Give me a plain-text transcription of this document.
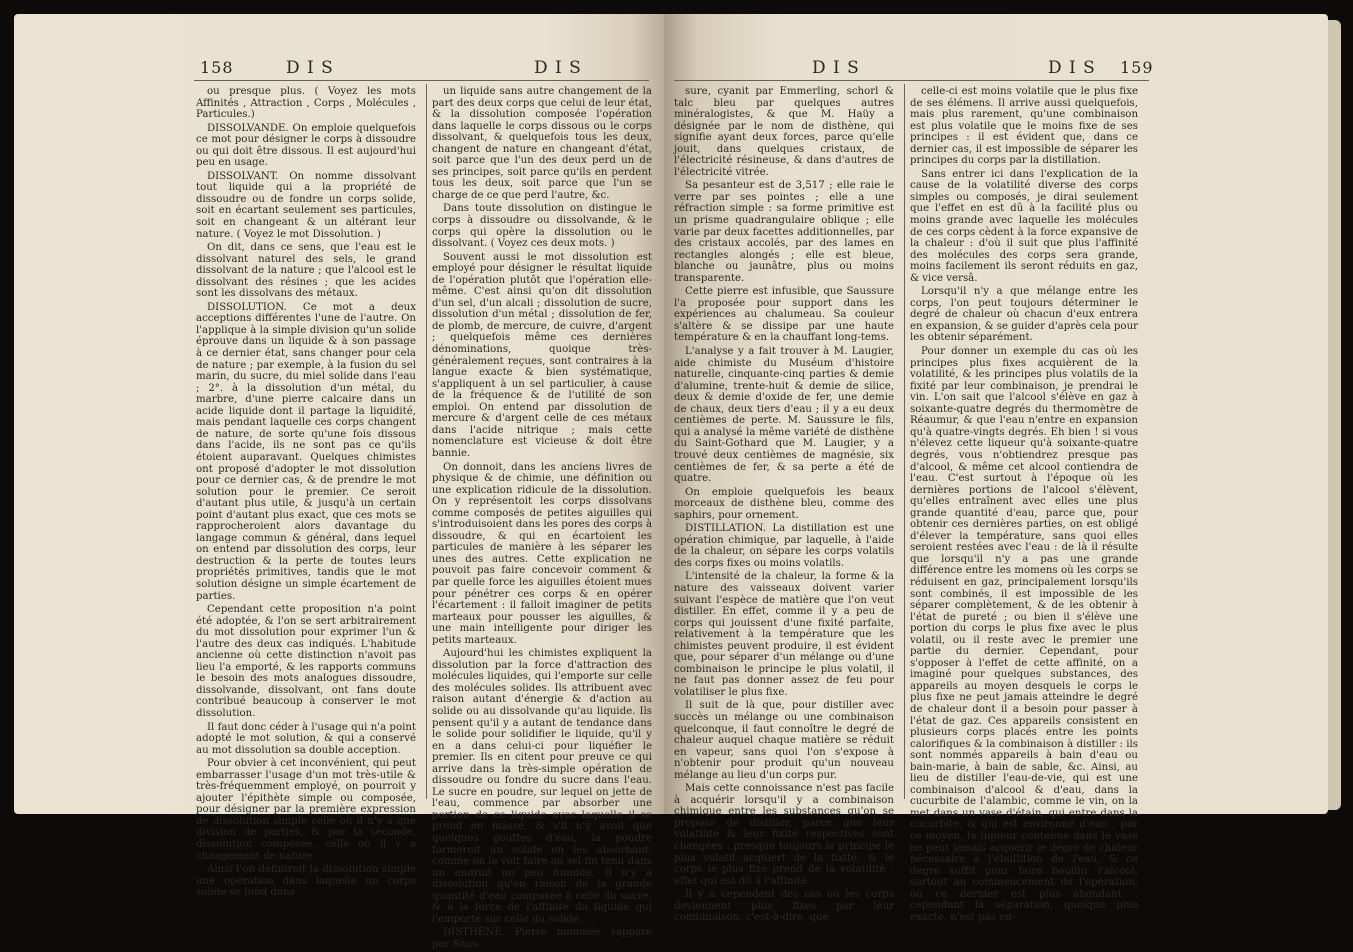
158	D I S	D I S

ou presque plus. ( Voyez les mots Affinités , Attraction , Corps , Molécules , Particules.)

DISSOLVANDE. On emploie quelquefois ce mot pour désigner le corps à dissoudre ou qui doit être dissous. Il est aujourd'hui peu en usage.

DISSOLVANT. On nomme dissolvant tout liquide qui a la propriété de dissoudre ou de fondre un corps solide, soit en écartant seulement ses particules, soit en changeant & un altérant leur nature. ( Voyez le mot Dissolution. )

On dit, dans ce sens, que l'eau est le dissolvant naturel des sels, le grand dissolvant de la nature ; que l'alcool est le dissolvant des résines ; que les acides sont les dissolvans des métaux.

DISSOLUTION. Ce mot a deux acceptions différentes l'une de l'autre. On l'applique à la simple division qu'un solide éprouve dans un liquide & à son passage à ce dernier état, sans changer pour cela de nature ; par exemple, à la fusion du sel marin, du sucre, du miel solide dans l'eau ; 2°. à la dissolution d'un métal, du marbre, d'une pierre calcaire dans un acide liquide dont il partage la liquidité, mais pendant laquelle ces corps changent de nature, de sorte qu'une fois dissous dans l'acide, ils ne sont pas ce qu'ils étoient auparavant. Quelques chimistes ont proposé d'adopter le mot dissolution pour ce dernier cas, & de prendre le mot solution pour le premier. Ce seroit d'autant plus utile, & jusqu'à un certain point d'autant plus exact, que ces mots se rapprocheroient alors davantage du langage commun & général, dans lequel on entend par dissolution des corps, leur destruction & la perte de toutes leurs propriétés primitives, tandis que le mot solution désigne un simple écartement de parties.

Cependant cette proposition n'a point été adoptée, & l'on se sert arbitrairement du mot dissolution pour exprimer l'un & l'autre des deux cas indiqués. L'habitude ancienne où cette distinction n'avoit pas lieu l'a emporté, & les rapports communs le besoin des mots analogues dissoudre, dissolvande, dissolvant, ont fans doute contribué beaucoup à conserver le mot dissolution.

Il faut donc céder à l'usage qui n'a point adopté le mot solution, & qui a conservé au mot dissolution sa double acception.

Pour obvier à cet inconvénient, qui peut embarrasser l'usage d'un mot très-utile & très-fréquemment employé, on pourroit y ajouter l'épithète simple ou composée, pour désigner par la première expression de dissolution simple celle où il n'y a que division de parties, & par la seconde, dissolution composée, celle où il y a changement de nature.

Ainsi l'on définiroit la dissolution simple une opération dans laquelle un corps solide se fond dans

un liquide sans autre changement de la part des deux corps que celui de leur état, & la dissolution composée l'opération dans laquelle le corps dissous ou le corps dissolvant, & quelquefois tous les deux, changent de nature en changeant d'état, soit parce que l'un des deux perd un de ses principes, soit parce qu'ils en perdent tous les deux, soit parce que l'un se charge de ce que perd l'autre, &c.

Dans toute dissolution on distingue le corps à dissoudre ou dissolvande, & le corps qui opère la dissolution ou le dissolvant. ( Voyez ces deux mots. )

Souvent aussi le mot dissolution est employé pour désigner le résultat liquide de l'opération plutôt que l'opération elle-même. C'est ainsi qu'on dit dissolution d'un sel, d'un alcali ; dissolution de sucre, dissolution d'un métal ; dissolution de fer, de plomb, de mercure, de cuivre, d'argent ; quelquefois même ces dernières dénominations, quoique très-généralement reçues, sont contraires à la langue exacte & bien systématique, s'appliquent à un sel particulier, à cause de la fréquence & de l'utilité de son emploi. On entend par dissolution de mercure & d'argent celle de ces métaux dans l'acide nitrique ; mais cette nomenclature est vicieuse & doit être bannie.

On donnoit, dans les anciens livres de physique & de chimie, une définition ou une explication ridicule de la dissolution. On y représentoit les corps dissolvans comme composés de petites aiguilles qui s'introduisoient dans les pores des corps à dissoudre, & qui en écartoient les particules de manière à les séparer les unes des autres. Cette explication ne pouvoit pas faire concevoir comment & par quelle force les aiguilles étoient mues pour pénétrer ces corps & en opérer l'écartement : il falloit imaginer de petits marteaux pour pousser les aiguilles, & une main intelligente pour diriger les petits marteaux.

Aujourd'hui les chimistes expliquent la dissolution par la force d'attraction des molécules liquides, qui l'emporte sur celle des molécules solides. Ils attribuent avec raison autant d'énergie & d'action au solide ou au dissolvande qu'au liquide. Ils pensent qu'il y a autant de tendance dans le solide pour solidifier le liquide, qu'il y en a dans celui-ci pour liquéfier le premier. Ils en citent pour preuve ce qui arrive dans la très-simple opération de dissoudre ou fondre du sucre dans l'eau. Le sucre en poudre, sur lequel on jette de l'eau, commence par absorber une portion de ce liquide avec laquelle il se prend en masse, & s'il n'y avoit que quelques gouttes d'eau, la poudre formeroit un solide en les absorbant, comme on le voit faire au sel fin tenu dans un endroit un peu humide. Il n'y a dissolution qu'en raison de la grande quantité d'eau comparée à celle du sucre, & à la force de l'affinité du liquide qui l'emporte sur celle du solide.

DISTHÈNE. Pierre nommée sappare par Saus-

D I S	D I S 159

sure, cyanit par Emmerling, schorl & talc bleu par quelques autres minéralogistes, & que M. Haüy a désignée par le nom de disthène, qui signifie ayant deux forces, parce qu'elle jouit, dans quelques cristaux, de l'électricité résineuse, & dans d'autres de l'électricité vitrée.

Sa pesanteur est de 3,517 ; elle raie le verre par ses pointes ; elle a une réfraction simple : sa forme primitive est un prisme quadrangulaire oblique ; elle varie par deux facettes additionnelles, par des cristaux accolés, par des lames en rectangles alongés ; elle est bleue, blanche ou jaunâtre, plus ou moins transparente.

Cette pierre est infusible, que Saussure l'a proposée pour support dans les expériences au chalumeau. Sa couleur s'altère & se dissipe par une haute température & en la chauffant long-tems.

L'analyse y a fait trouver à M. Laugier, aide chimiste du Muséum d'histoire naturelle, cinquante-cinq parties & demie d'alumine, trente-huit & demie de silice, deux & demie d'oxide de fer, une demie de chaux, deux tiers d'eau ; il y a eu deux centièmes de perte. M. Saussure le fils, qui a analysé la même variété de disthène du Saint-Gothard que M. Laugier, y a trouvé deux centièmes de magnésie, six centièmes de fer, & sa perte a été de quatre.

On emploie quelquefois les beaux morceaux de disthène bleu, comme des saphirs, pour ornement.

DISTILLATION. La distillation est une opération chimique, par laquelle, à l'aide de la chaleur, on sépare les corps volatils des corps fixes ou moins volatils.

L'intensité de la chaleur, la forme & la nature des vaisseaux doivent varier suivant l'espèce de matière que l'on veut distiller. En effet, comme il y a peu de corps qui jouissent d'une fixité parfaite, relativement à la température que les chimistes peuvent produire, il est évident que, pour séparer d'un mélange ou d'une combinaison le principe le plus volatil, il ne faut pas donner assez de feu pour volatiliser le plus fixe.

Il suit de là que, pour distiller avec succès un mélange ou une combinaison quelconque, il faut connoître le degré de chaleur auquel chaque matière se réduit en vapeur, sans quoi l'on s'expose à n'obtenir pour produit qu'un nouveau mélange au lieu d'un corps pur.

Mais cette connoissance n'est pas facile à acquérir lorsqu'il y a combinaison chimique entre les substances qu'on se propose de distiller, parce que leur volatilité & leur fixité respectives sont changées : presque toujours le principe le plus volatil acquiert de la fixité, & le corps le plus fixe prend de la volatilité ; effet qui est dû à l'affinité.

Il y a cependant des cas où les corps deviennent plus fixes par leur combinaison, c'est-à-dire, que

celle-ci est moins volatile que le plus fixe de ses élémens. Il arrive aussi quelquefois, mais plus rarement, qu'une combinaison est plus volatile que le moins fixe de ses principes : il est évident que, dans ce dernier cas, il est impossible de séparer les principes du corps par la distillation.

Sans entrer ici dans l'explication de la cause de la volatilité diverse des corps simples ou composés, je dirai seulement que l'effet en est dû à la facilité plus ou moins grande avec laquelle les molécules de ces corps cèdent à la force expansive de la chaleur : d'où il suit que plus l'affinité des molécules des corps sera grande, moins facilement ils seront réduits en gaz, & vice versâ.

Lorsqu'il n'y a que mélange entre les corps, l'on peut toujours déterminer le degré de chaleur où chacun d'eux entrera en expansion, & se guider d'après cela pour les obtenir séparément.

Pour donner un exemple du cas où les principes plus fixes acquièrent de la volatilité, & les principes plus volatils de la fixité par leur combinaison, je prendrai le vin. L'on sait que l'alcool s'élève en gaz à soixante-quatre degrés du thermomètre de Réaumur, & que l'eau n'entre en expansion qu'à quatre-vingts degrés. Eh bien ! si vous n'élevez cette liqueur qu'à soixante-quatre degrés, vous n'obtiendrez presque pas d'alcool, & même cet alcool contiendra de l'eau. C'est surtout à l'époque où les dernières portions de l'alcool s'élèvent, qu'elles entraînent avec elles une plus grande quantité d'eau, parce que, pour obtenir ces dernières parties, on est obligé d'élever la température, sans quoi elles seroient restées avec l'eau : de là il résulte que lorsqu'il n'y a pas une grande différence entre les momens où les corps se réduisent en gaz, principalement lorsqu'ils sont combinés, il est impossible de les séparer complètement, & de les obtenir à l'état de pureté ; ou bien il s'élève une portion du corps le plus fixe avec le plus volatil, ou il reste avec le premier une partie du dernier. Cependant, pour s'opposer à l'effet de cette affinité, on a imaginé pour quelques substances, des appareils au moyen desquels le corps le plus fixe ne peut jamais atteindre le degré de chaleur dont il a besoin pour passer à l'état de gaz. Ces appareils consistent en plusieurs corps placés entre les points calorifiques & la combinaison à distiller : ils sont nommés appareils à bain d'eau ou bain-marie, à bain de sable, &c. Ainsi, au lieu de distiller l'eau-de-vie, qui est une combinaison d'alcool & d'eau, dans la cucurbite de l'alambic, comme le vin, on la met dans un vase d'étain, qui entre dans la cucurbite, & qui est environné d'eau ; par ce moyen, la liqueur contenue dans le vase ne peut jamais acquérir le degré de chaleur nécessaire à l'ébullition de l'eau, & ce degré suffit pour faire bouillir l'alcool, surtout au commencement de l'opération, où ce dernier est plus abondant ; cependant la séparation, quoique plus exacte, n'est pas en-
